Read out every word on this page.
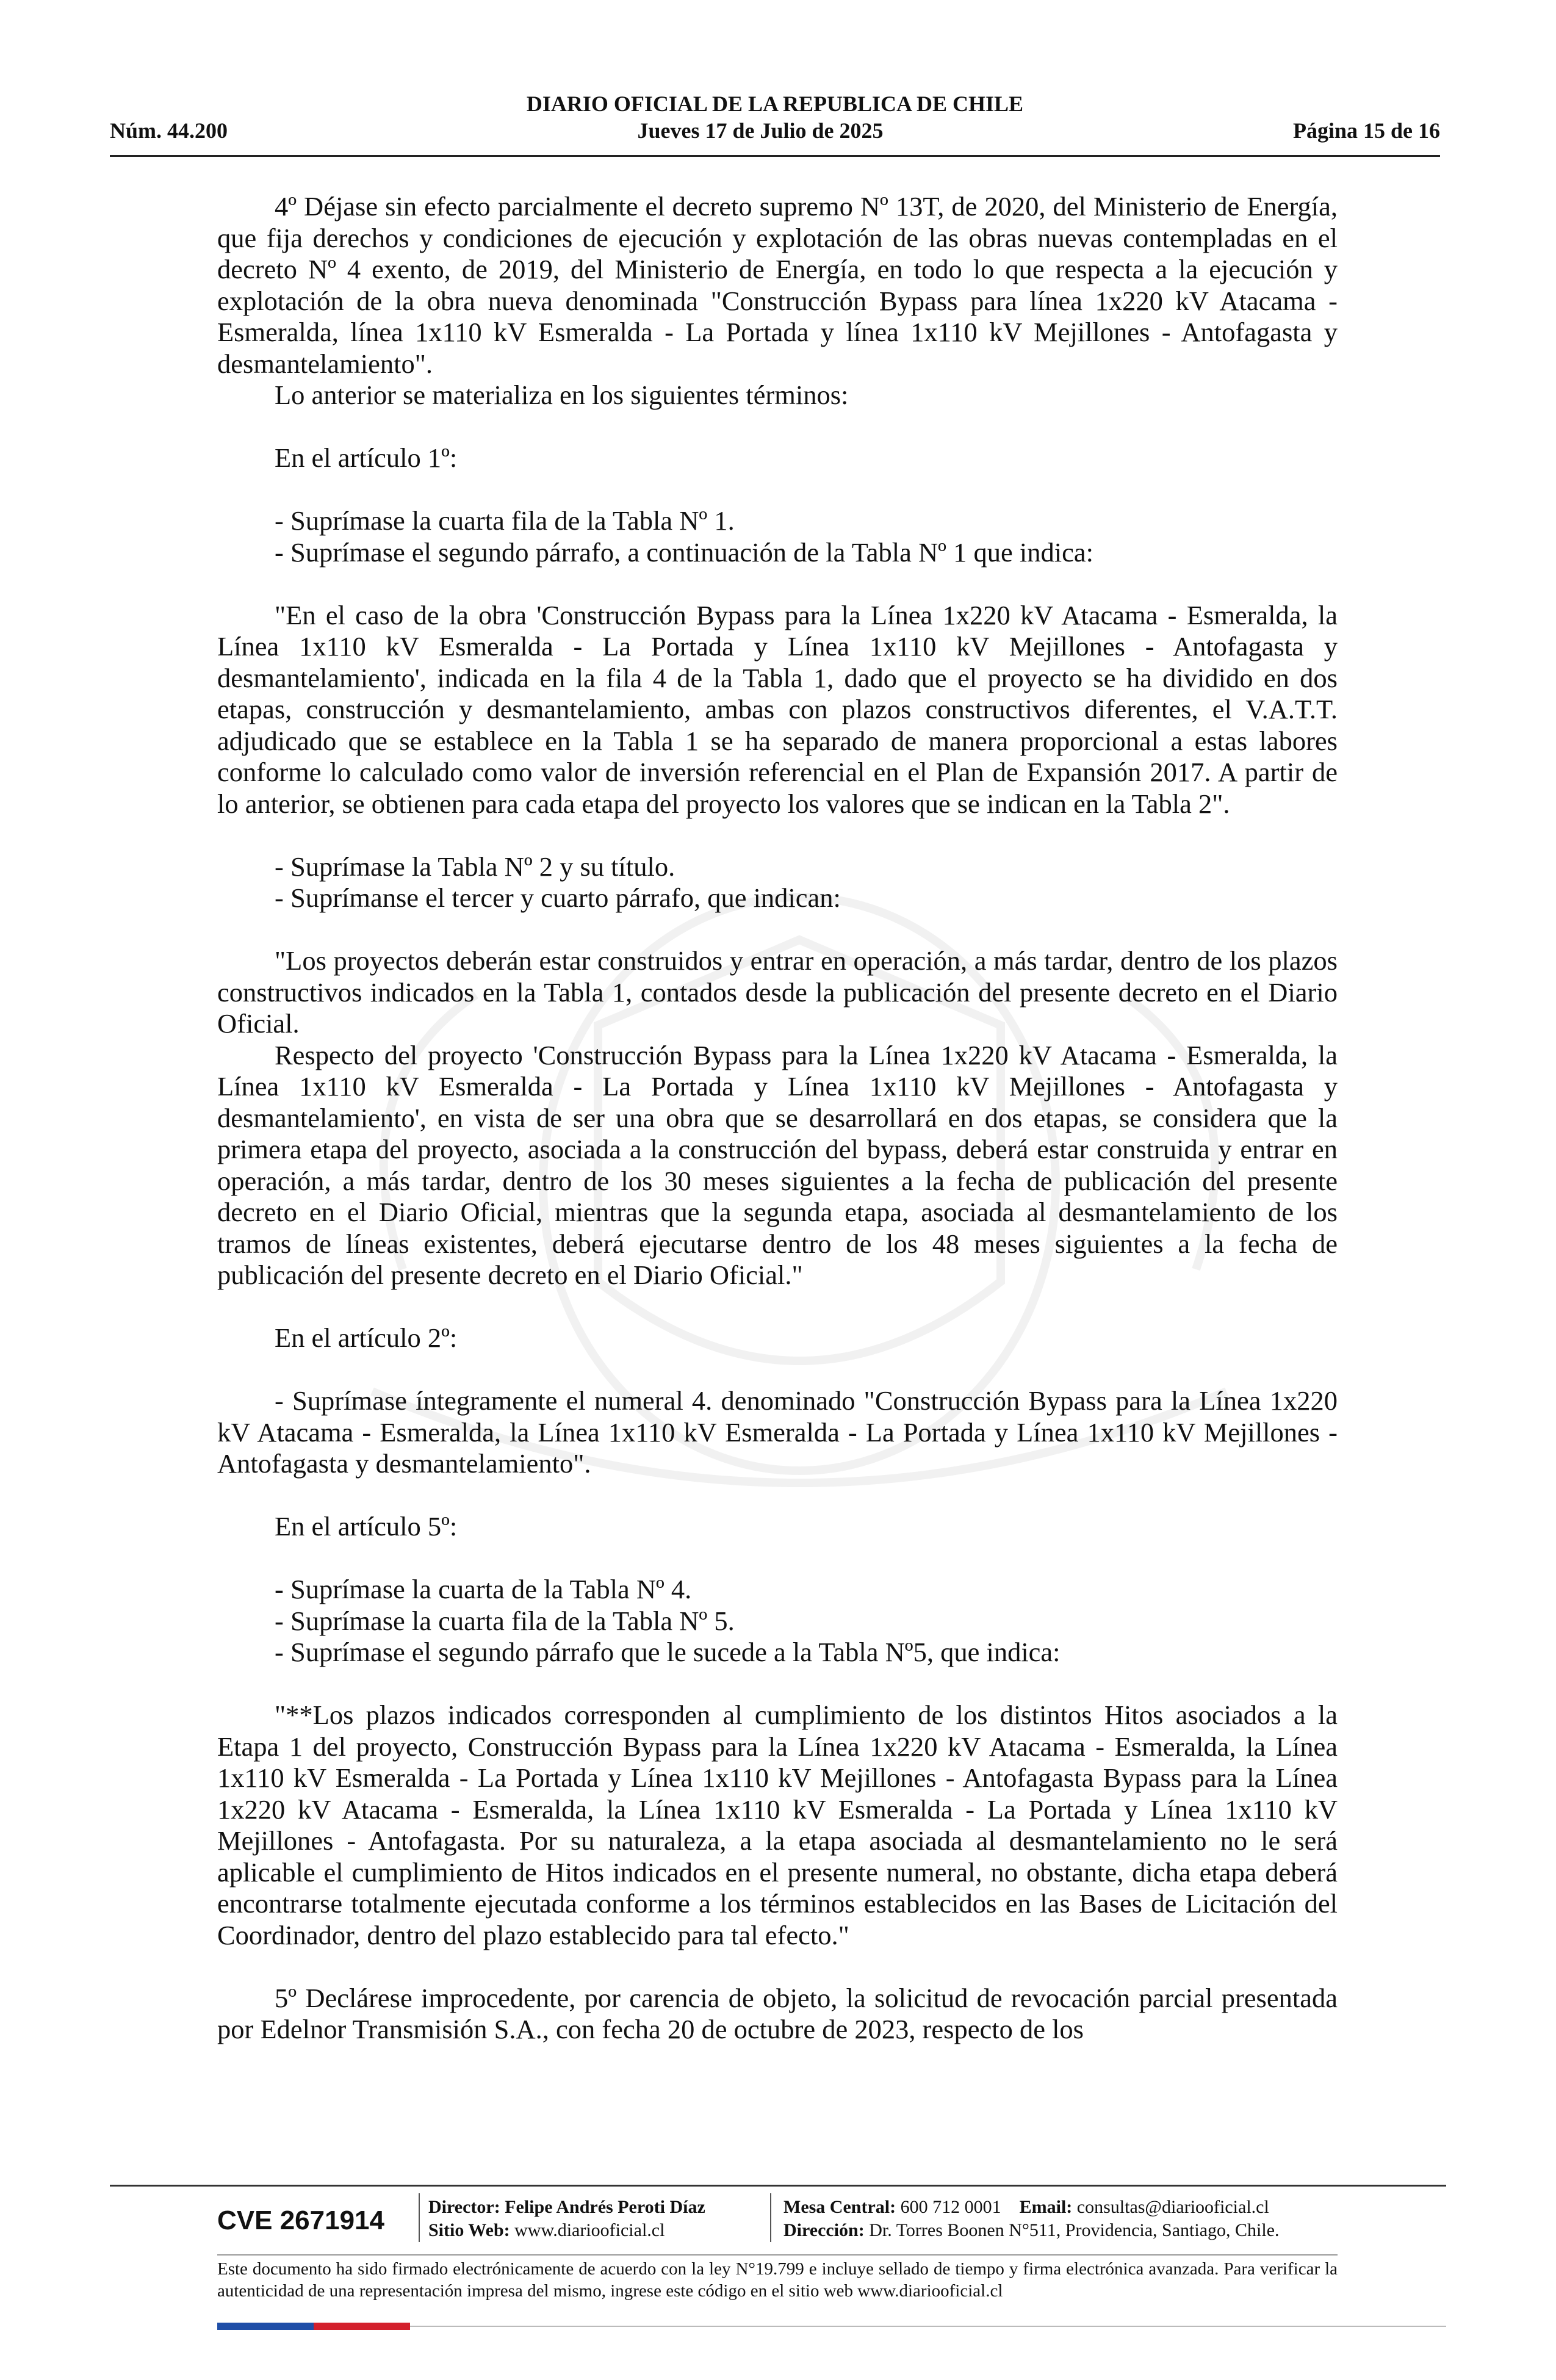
DIARIO OFICIAL DE LA REPUBLICA DE CHILE
Núm. 44.200	Jueves 17 de Julio de 2025	Página 15 de 16

4º Déjase sin efecto parcialmente el decreto supremo Nº 13T, de 2020, del Ministerio de Energía, que fija derechos y condiciones de ejecución y explotación de las obras nuevas contempladas en el decreto Nº 4 exento, de 2019, del Ministerio de Energía, en todo lo que respecta a la ejecución y explotación de la obra nueva denominada "Construcción Bypass para línea 1x220 kV Atacama - Esmeralda, línea 1x110 kV Esmeralda - La Portada y línea 1x110 kV Mejillones - Antofagasta y desmantelamiento".

Lo anterior se materializa en los siguientes términos:

En el artículo 1º:

- Suprímase la cuarta fila de la Tabla Nº 1.

- Suprímase el segundo párrafo, a continuación de la Tabla Nº 1 que indica:

"En el caso de la obra 'Construcción Bypass para la Línea 1x220 kV Atacama - Esmeralda, la Línea 1x110 kV Esmeralda - La Portada y Línea 1x110 kV Mejillones - Antofagasta y desmantelamiento', indicada en la fila 4 de la Tabla 1, dado que el proyecto se ha dividido en dos etapas, construcción y desmantelamiento, ambas con plazos constructivos diferentes, el V.A.T.T. adjudicado que se establece en la Tabla 1 se ha separado de manera proporcional a estas labores conforme lo calculado como valor de inversión referencial en el Plan de Expansión 2017. A partir de lo anterior, se obtienen para cada etapa del proyecto los valores que se indican en la Tabla 2".

- Suprímase la Tabla Nº 2 y su título.

- Suprímanse el tercer y cuarto párrafo, que indican:

"Los proyectos deberán estar construidos y entrar en operación, a más tardar, dentro de los plazos constructivos indicados en la Tabla 1, contados desde la publicación del presente decreto en el Diario Oficial.

Respecto del proyecto 'Construcción Bypass para la Línea 1x220 kV Atacama - Esmeralda, la Línea 1x110 kV Esmeralda - La Portada y Línea 1x110 kV Mejillones - Antofagasta y desmantelamiento', en vista de ser una obra que se desarrollará en dos etapas, se considera que la primera etapa del proyecto, asociada a la construcción del bypass, deberá estar construida y entrar en operación, a más tardar, dentro de los 30 meses siguientes a la fecha de publicación del presente decreto en el Diario Oficial, mientras que la segunda etapa, asociada al desmantelamiento de los tramos de líneas existentes, deberá ejecutarse dentro de los 48 meses siguientes a la fecha de publicación del presente decreto en el Diario Oficial."

En el artículo 2º:

- Suprímase íntegramente el numeral 4. denominado "Construcción Bypass para la Línea 1x220 kV Atacama - Esmeralda, la Línea 1x110 kV Esmeralda - La Portada y Línea 1x110 kV Mejillones - Antofagasta y desmantelamiento".

En el artículo 5º:

- Suprímase la cuarta de la Tabla Nº 4.

- Suprímase la cuarta fila de la Tabla Nº 5.

- Suprímase el segundo párrafo que le sucede a la Tabla Nº5, que indica:

"**Los plazos indicados corresponden al cumplimiento de los distintos Hitos asociados a la Etapa 1 del proyecto, Construcción Bypass para la Línea 1x220 kV Atacama - Esmeralda, la Línea 1x110 kV Esmeralda - La Portada y Línea 1x110 kV Mejillones - Antofagasta Bypass para la Línea 1x220 kV Atacama - Esmeralda, la Línea 1x110 kV Esmeralda - La Portada y Línea 1x110 kV Mejillones - Antofagasta. Por su naturaleza, a la etapa asociada al desmantelamiento no le será aplicable el cumplimiento de Hitos indicados en el presente numeral, no obstante, dicha etapa deberá encontrarse totalmente ejecutada conforme a los términos establecidos en las Bases de Licitación del Coordinador, dentro del plazo establecido para tal efecto."

5º Declárese improcedente, por carencia de objeto, la solicitud de revocación parcial presentada por Edelnor Transmisión S.A., con fecha 20 de octubre de 2023, respecto de los

CVE 2671914	Director: Felipe Andrés Peroti Díaz
Sitio Web: www.diariooficial.cl
Mesa Central: 600 712 0001 Email: consultas@diariooficial.cl
Dirección: Dr. Torres Boonen N°511, Providencia, Santiago, Chile.
Este documento ha sido firmado electrónicamente de acuerdo con la ley N°19.799 e incluye sellado de tiempo y firma electrónica avanzada. Para verificar la autenticidad de una representación impresa del mismo, ingrese este código en el sitio web www.diariooficial.cl
